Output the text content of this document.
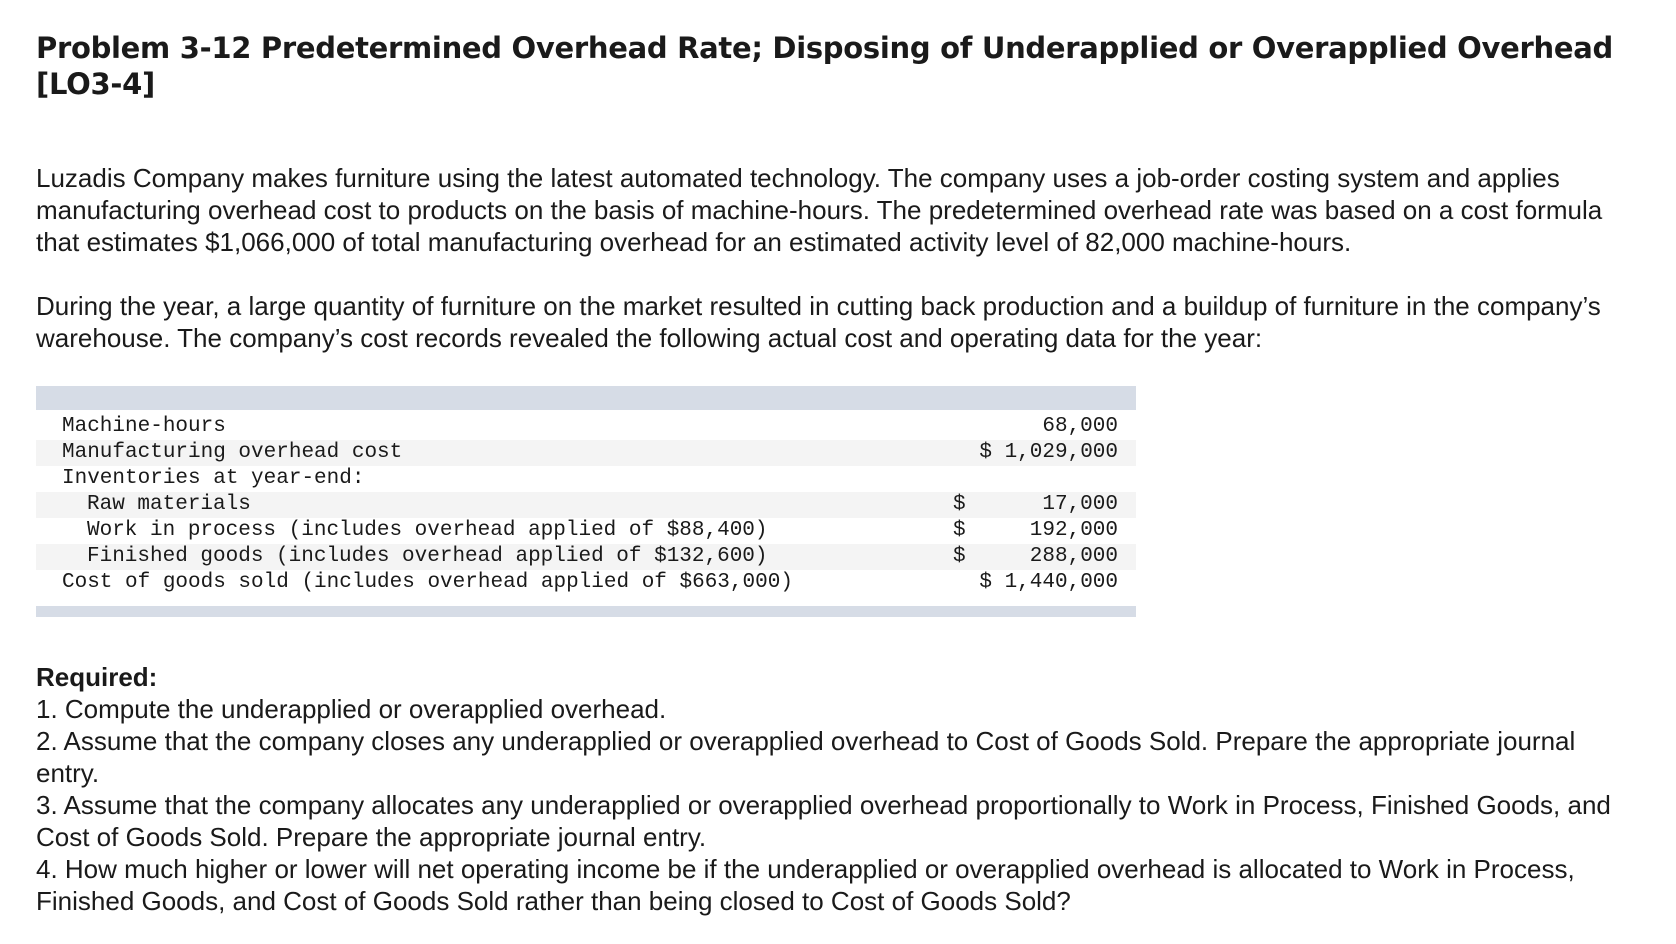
Problem 3-12 Predetermined Overhead Rate; Disposing of Underapplied or Overapplied Overhead [LO3-4]

Luzadis Company makes furniture using the latest automated technology. The company uses a job-order costing system and applies manufacturing overhead cost to products on the basis of machine-hours. The predetermined overhead rate was based on a cost formula that estimates $1,066,000 of total manufacturing overhead for an estimated activity level of 82,000 machine-hours.

During the year, a large quantity of furniture on the market resulted in cutting back production and a buildup of furniture in the company’s warehouse. The company’s cost records revealed the following actual cost and operating data for the year:

Machine-hours	68,000	
Manufacturing overhead cost	$ 1,029,000	
Inventories at year-end:		
Raw materials	$	17,000
Work in process (includes overhead applied of $88,400)	$	192,000
Finished goods (includes overhead applied of $132,600)	$	288,000
Cost of goods sold (includes overhead applied of $663,000)	$ 1,440,000	

Required:

1. Compute the underapplied or overapplied overhead.

2. Assume that the company closes any underapplied or overapplied overhead to Cost of Goods Sold. Prepare the appropriate journal entry.

3. Assume that the company allocates any underapplied or overapplied overhead proportionally to Work in Process, Finished Goods, and Cost of Goods Sold. Prepare the appropriate journal entry.

4. How much higher or lower will net operating income be if the underapplied or overapplied overhead is allocated to Work in Process, Finished Goods, and Cost of Goods Sold rather than being closed to Cost of Goods Sold?
